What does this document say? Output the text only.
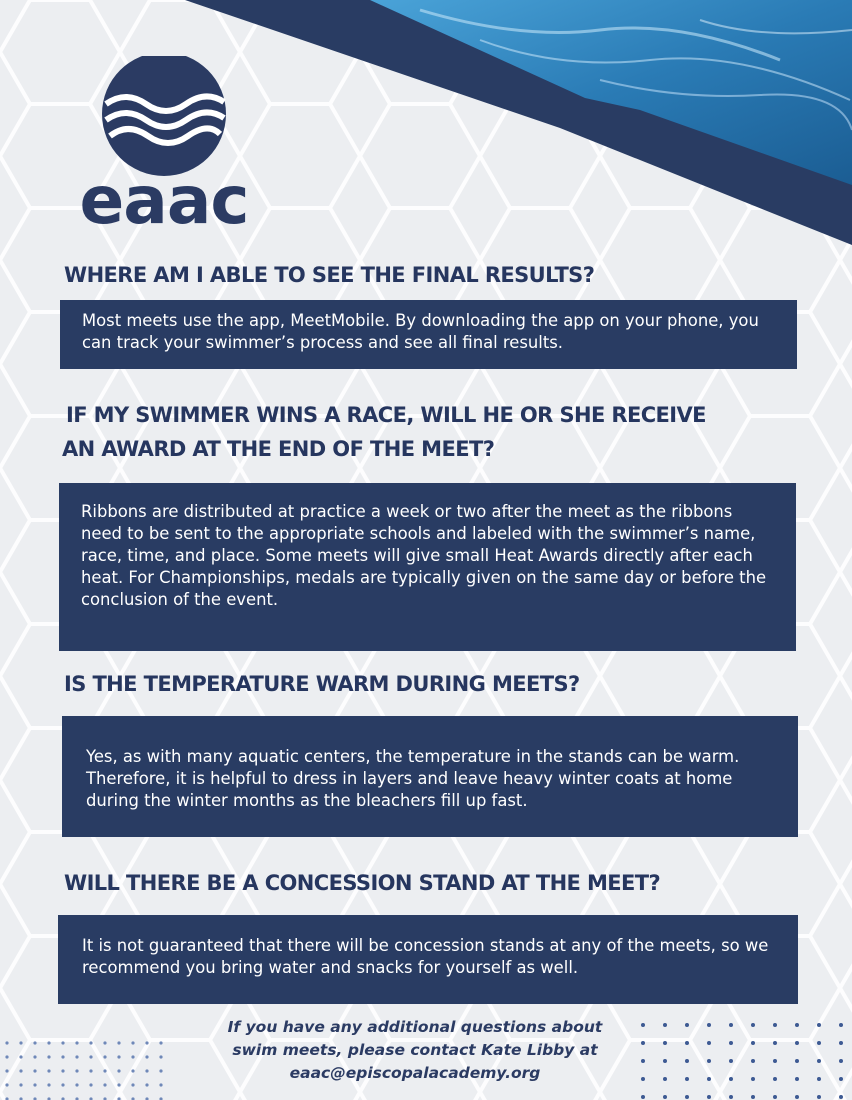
eaac
WHERE AM I ABLE TO SEE THE FINAL RESULTS?
Most meets use the app, MeetMobile. By downloading the app on your phone, you can track your swimmer’s process and see all final results.
IF MY SWIMMER WINS A RACE, WILL HE OR SHE RECEIVE
AN AWARD AT THE END OF THE MEET?
Ribbons are distributed at practice a week or two after the meet as the ribbons need to be sent to the appropriate schools and labeled with the swimmer’s name, race, time, and place. Some meets will give small Heat Awards directly after each heat. For Championships, medals are typically given on the same day or before the conclusion of the event.
IS THE TEMPERATURE WARM DURING MEETS?
Yes, as with many aquatic centers, the temperature in the stands can be warm. Therefore, it is helpful to dress in layers and leave heavy winter coats at home during the winter months as the bleachers fill up fast.
WILL THERE BE A CONCESSION STAND AT THE MEET?
It is not guaranteed that there will be concession stands at any of the meets, so we recommend you bring water and snacks for yourself as well.
If you have any additional questions about
swim meets, please contact Kate Libby at
eaac@episcopalacademy.org
